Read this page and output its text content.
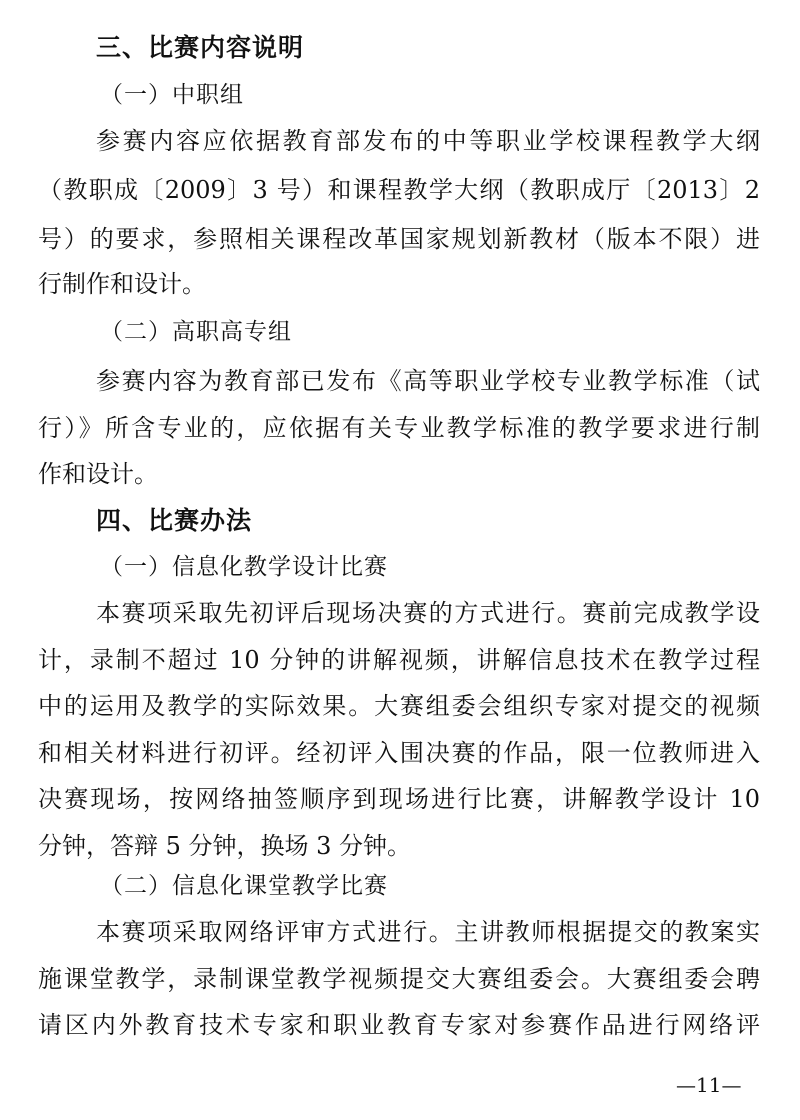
三、比赛内容说明
（一）中职组
参赛内容应依据教育部发布的中等职业学校课程教学大纲
（教职成〔2009〕3 号）和课程教学大纲（教职成厅〔2013〕2
号）的要求，参照相关课程改革国家规划新教材（版本不限）进
行制作和设计。
（二）高职高专组
参赛内容为教育部已发布《高等职业学校专业教学标准（试
行）》所含专业的，应依据有关专业教学标准的教学要求进行制
作和设计。
四、比赛办法
（一）信息化教学设计比赛
本赛项采取先初评后现场决赛的方式进行。赛前完成教学设
计，录制不超过 10 分钟的讲解视频，讲解信息技术在教学过程
中的运用及教学的实际效果。大赛组委会组织专家对提交的视频
和相关材料进行初评。经初评入围决赛的作品，限一位教师进入
决赛现场，按网络抽签顺序到现场进行比赛，讲解教学设计 10
分钟，答辩 5 分钟，换场 3 分钟。
（二）信息化课堂教学比赛
本赛项采取网络评审方式进行。主讲教师根据提交的教案实
施课堂教学，录制课堂教学视频提交大赛组委会。大赛组委会聘
请区内外教育技术专家和职业教育专家对参赛作品进行网络评
—11—
